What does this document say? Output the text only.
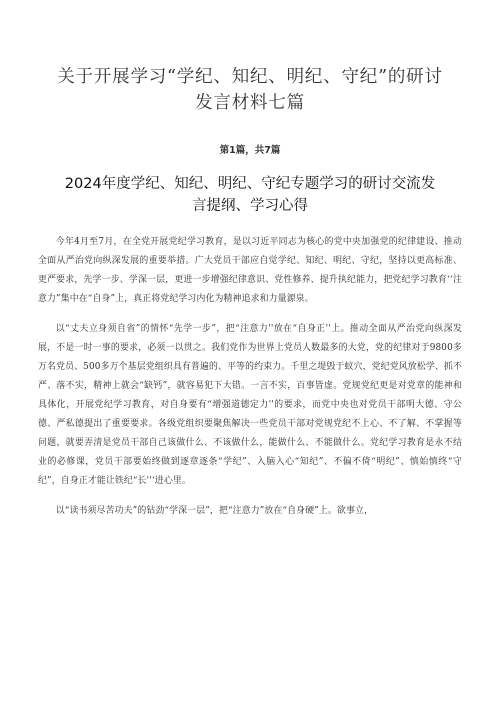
关于开展学习“学纪、知纪、明纪、守纪”的研讨
发言材料七篇
第1篇，共7篇
2024年度学纪、知纪、明纪、守纪专题学习的研讨交流发
言提纲、学习心得

今年4月至7月，在全党开展党纪学习教育，是以习近平同志为核心的党中央加强党的纪律建设、推动全面从严治党向纵深发展的重要举措。广大党员干部应自觉学纪、知纪、明纪、守纪，坚持以更高标准、更严要求，先学一步、学深一层，更进一步增强纪律意识、党性修养、提升执纪能力，把党纪学习教育‘‘注意力”集中在“自身”上，真正将党纪学习内化为精神追求和力量源泉。

以“丈夫立身须自省”的情怀“先学一步”，把“注意力''放在“自身正''上。推动全面从严治党向纵深发展，不是一时一事的要求，必须一以贯之。我们党作为世界上党员人数最多的大党，党的纪律对于9800多万名党员、500多万个基层党组织具有普遍的、平等的约束力。千里之堤毁于蚁穴，党纪党风放松学、抓不严、落不实，精神上就会“缺钙”，就容易犯下大错。一言不实，百事皆虚。党规党纪更是对党章的能神和具体化，开展党纪学习教育，对自身要有“增强道德定力''的要求，而党中央也对党员干部明大德、守公德、严私德提出了重要要求。各级党组织要聚焦解决一些党员干部对党规党纪不上心、不了解、不掌握等问题，就要弄清是党员干部自己该做什么、不该做什么，能做什么、不能做什么。党纪学习教育是永不结业的必修课，党员干部要始终做到逐章逐条“学纪”、入脑入心“知纪”、不偏不倚“明纪”、慎始慎终“守纪”，自身正才能让铁纪“长''‘进心里。

以“读书须尽苦功夫”的钻劲“学深一层”，把“注意力”放在“自身硬”上。欲事立，
